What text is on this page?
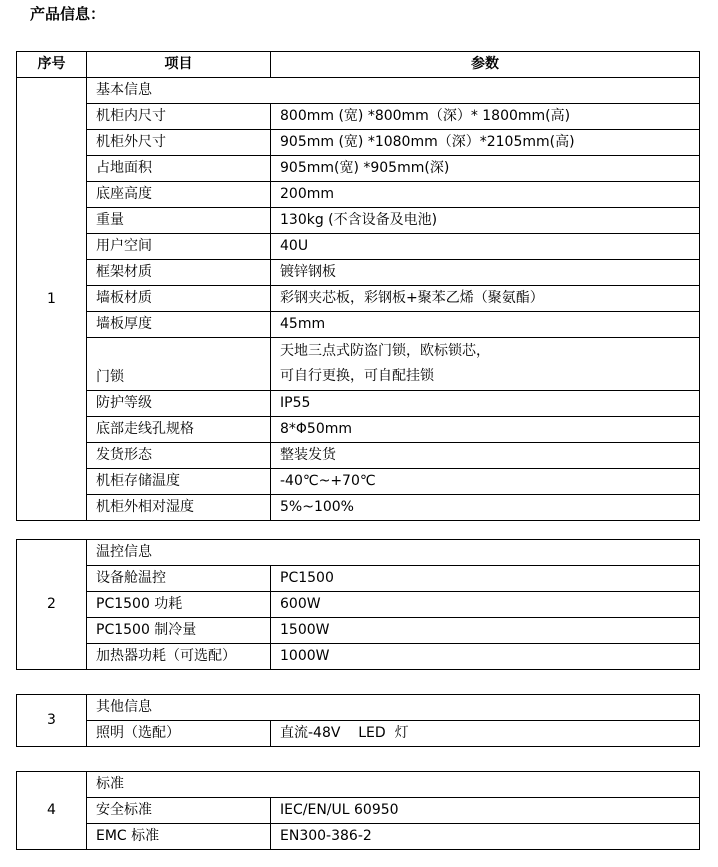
产品信息：

序号	项目	参数
1	基本信息	
	机柜内尺寸	800mm (宽) *800mm（深）* 1800mm(高)
	机柜外尺寸	905mm (宽) *1080mm（深）*2105mm(高)
	占地面积	905mm(宽) *905mm(深)
	底座高度	200mm
	重量	130kg (不含设备及电池)
	用户空间	40U
	框架材质	镀锌钢板
	墙板材质	彩钢夹芯板，彩钢板+聚苯乙烯（聚氨酯）
	墙板厚度	45mm
	门锁	天地三点式防盗门锁，欧标锁芯，
可自行更换，可自配挂锁

	防护等级	IP55
	底部走线孔规格	8*Φ50mm
	发货形态	整装发货
	机柜存储温度	-40℃~+70℃
	机柜外相对湿度	5%~100%
2	温控信息	
	设备舱温控	PC1500
	PC1500 功耗	600W
	PC1500 制冷量	1500W
	加热器功耗（可选配）	1000W
3	其他信息	
	照明（选配）	直流-48V    LED  灯
4	标准	
	安全标准	IEC/EN/UL 60950
	EMC 标准	EN300-386-2
